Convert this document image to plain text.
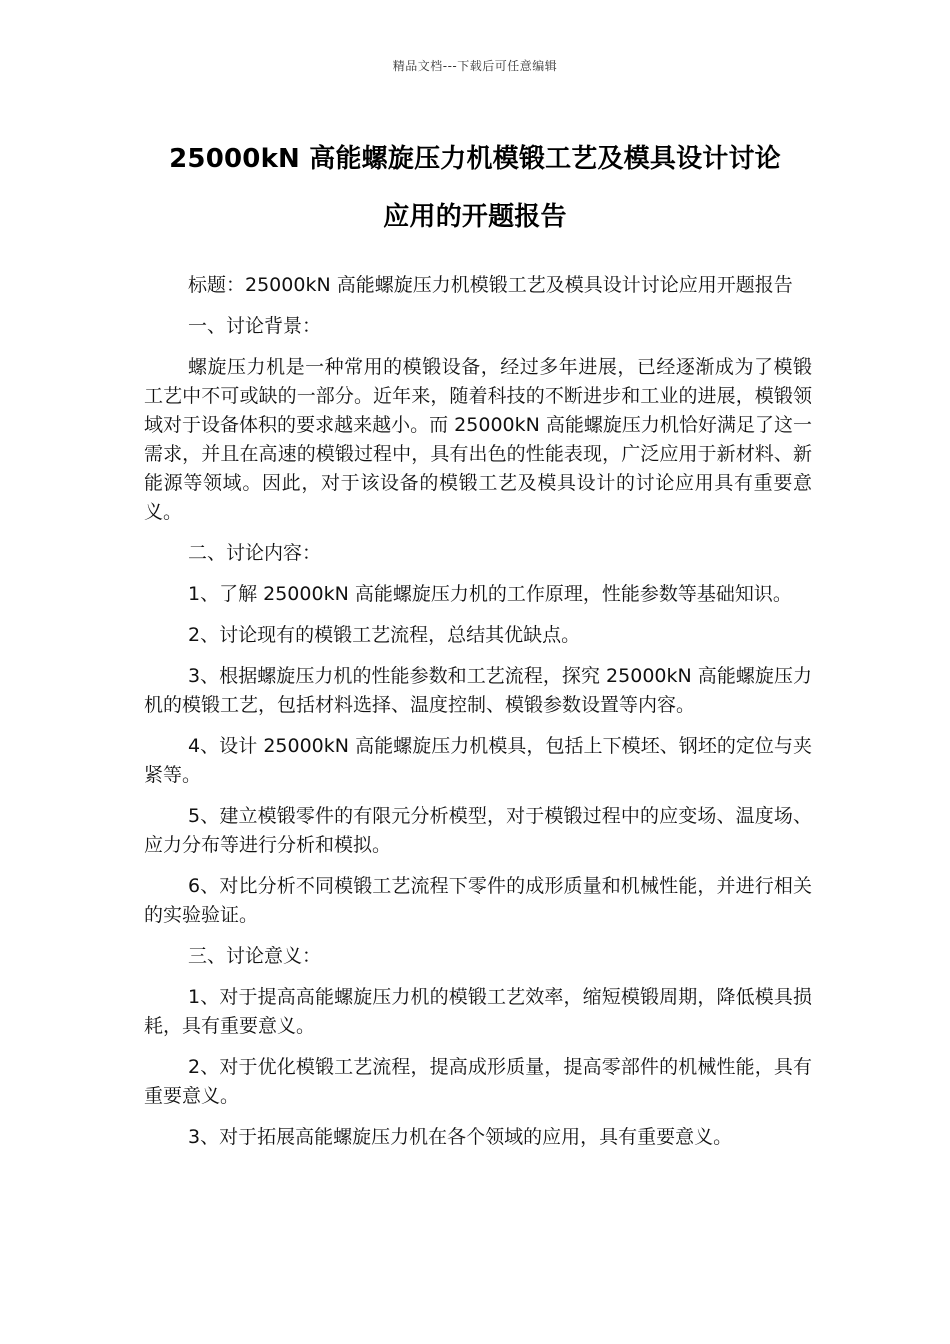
精品文档---下载后可任意编辑
25000kN 高能螺旋压力机模锻工艺及模具设计讨论
应用的开题报告

标题：25000kN 高能螺旋压力机模锻工艺及模具设计讨论应用开题报告

一、讨论背景：

螺旋压力机是一种常用的模锻设备，经过多年进展，已经逐渐成为了模锻工艺中不可或缺的一部分。近年来，随着科技的不断进步和工业的进展，模锻领域对于设备体积的要求越来越小。而 25000kN 高能螺旋压力机恰好满足了这一需求，并且在高速的模锻过程中，具有出色的性能表现，广泛应用于新材料、新能源等领域。因此，对于该设备的模锻工艺及模具设计的讨论应用具有重要意义。

二、讨论内容：

1、了解 25000kN 高能螺旋压力机的工作原理，性能参数等基础知识。

2、讨论现有的模锻工艺流程，总结其优缺点。

3、根据螺旋压力机的性能参数和工艺流程，探究 25000kN 高能螺旋压力机的模锻工艺，包括材料选择、温度控制、模锻参数设置等内容。

4、设计 25000kN 高能螺旋压力机模具，包括上下模坯、钢坯的定位与夹紧等。

5、建立模锻零件的有限元分析模型，对于模锻过程中的应变场、温度场、应力分布等进行分析和模拟。

6、对比分析不同模锻工艺流程下零件的成形质量和机械性能，并进行相关的实验验证。

三、讨论意义：

1、对于提高高能螺旋压力机的模锻工艺效率，缩短模锻周期，降低模具损耗，具有重要意义。

2、对于优化模锻工艺流程，提高成形质量，提高零部件的机械性能，具有重要意义。

3、对于拓展高能螺旋压力机在各个领域的应用，具有重要意义。
